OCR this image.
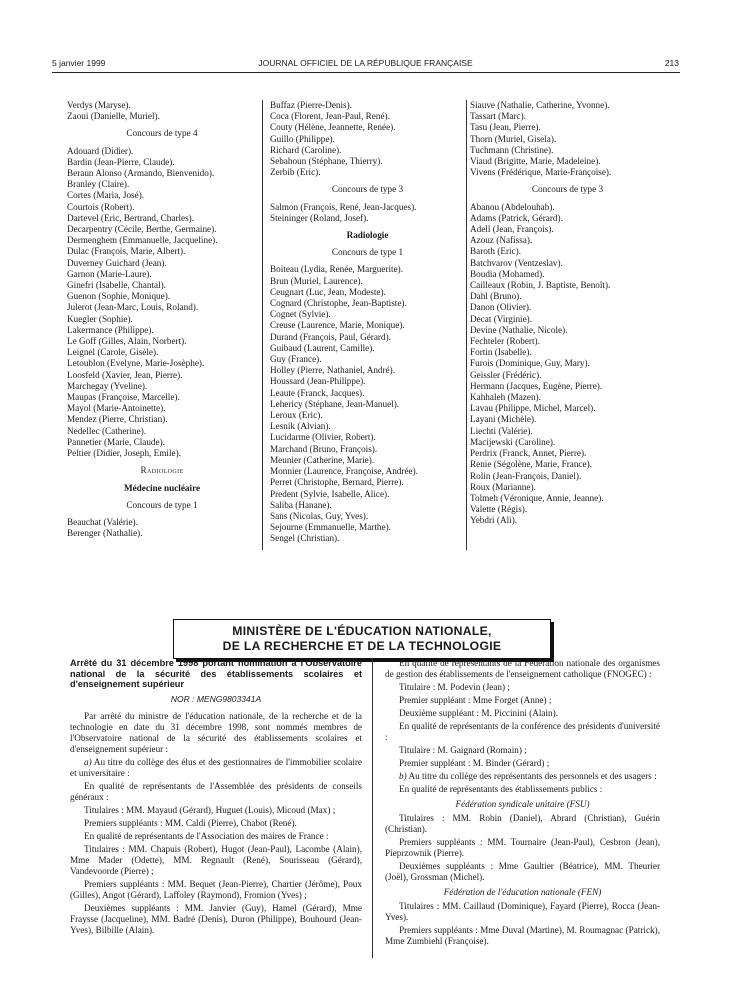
5 janvier 1999	JOURNAL OFFICIEL DE LA RÉPUBLIQUE FRANÇAISE	213
Verdys (Maryse).
Zaoui (Danielle, Muriel).
Concours de type 4
Adouard (Didier).
Bardin (Jean-Pierre, Claude).
Beraun Alonso (Armando, Bienvenido).
Branley (Claire).
Cortes (Maria, José).
Courtois (Robert).
Dartevel (Eric, Bertrand, Charles).
Decarpentry (Cécile, Berthe, Germaine).
Dermenghem (Emmanuelle, Jacqueline).
Dulac (François, Marie, Albert).
Duverney Guichard (Jean).
Garnon (Marie-Laure).
Ginefri (Isabelle, Chantal).
Guenon (Sophie, Monique).
Julerot (Jean-Marc, Louis, Roland).
Kuegler (Sophie).
Lakermance (Philippe).
Le Goff (Gilles, Alain, Norbert).
Leignel (Carole, Gisèle).
Letoublon (Evelyne, Marie-Josèphe).
Loosfeld (Xavier, Jean, Pierre).
Marchegay (Yveline).
Maupas (Françoise, Marcelle).
Mayol (Marie-Antoinette).
Mendez (Pierre, Christian).
Nedellec (Catherine).
Pannetier (Marie, Claude).
Peltier (Didier, Joseph, Emile).
Radiologie
Médecine nucléaire
Concours de type 1
Beauchat (Valérie).
Berenger (Nathalie).
Buffaz (Pierre-Denis).
Coca (Florent, Jean-Paul, René).
Couty (Hélène, Jeannette, Renée).
Guillo (Philippe).
Richard (Caroline).
Sebahoun (Stéphane, Thierry).
Zerbib (Eric).
Concours de type 3
Salmon (François, René, Jean-Jacques).
Steininger (Roland, Josef).
Radiologie
Concours de type 1
Boiteau (Lydia, Renée, Marguerite).
Brun (Muriel, Laurence).
Ceugnart (Luc, Jean, Modeste).
Cognard (Christophe, Jean-Baptiste).
Cognet (Sylvie).
Creuse (Laurence, Marie, Monique).
Durand (François, Paul, Gérard).
Guibaud (Laurent, Camille).
Guy (France).
Holley (Pierre, Nathaniel, André).
Houssard (Jean-Philippe).
Leaute (Franck, Jacques).
Lehericy (Stéphane, Jean-Manuel).
Leroux (Eric).
Lesnik (Alvian).
Lucidarme (Olivier, Robert).
Marchand (Bruno, François).
Meunier (Catherine, Marie).
Monnier (Laurence, Françoise, Andrée).
Perret (Christophe, Bernard, Pierre).
Predent (Sylvie, Isabelle, Alice).
Saliba (Hanane).
Sans (Nicolas, Guy, Yves).
Sejourne (Emmanuelle, Marthe).
Sengel (Christian).
Siauve (Nathalie, Catherine, Yvonne).
Tassart (Marc).
Tasu (Jean, Pierre).
Thorn (Muriel, Gisela).
Tuchmann (Christine).
Viaud (Brigitte, Marie, Madeleine).
Vivens (Frédérique, Marie-Françoise).
Concours de type 3
Abanou (Abdelouhab).
Adams (Patrick, Gérard).
Adell (Jean, François).
Azouz (Nafissa).
Baroth (Eric).
Batchvarov (Ventzeslav).
Boudia (Mohamed).
Cailleaux (Robin, J. Baptiste, Benoît).
Dahl (Bruno).
Danon (Olivier).
Decat (Virginie).
Devine (Nathalie, Nicole).
Fechteler (Robert).
Fortin (Isabelle).
Furois (Dominique, Guy, Mary).
Geissler (Frédéric).
Hermann (Jacques, Eugène, Pierre).
Kahhaleh (Mazen).
Lavau (Philippe, Michel, Marcel).
Layani (Michèle).
Liechti (Valérie).
Macijewski (Caroline).
Perdrix (Franck, Annet, Pierre).
Renie (Ségolène, Marie, France).
Rolin (Jean-François, Daniel).
Roux (Marianne).
Tolmeh (Véronique, Annie, Jeanne).
Valette (Régis).
Yebdri (Ali).
MINISTÈRE DE L'ÉDUCATION NATIONALE,
DE LA RECHERCHE ET DE LA TECHNOLOGIE

Arrêté du 31 décembre 1998 portant nomination à l'Observatoire national de la sécurité des établissements scolaires et d'enseignement supérieur

NOR : MENG9803341A

Par arrêté du ministre de l'éducation nationale, de la recherche et de la technologie en date du 31 décembre 1998, sont nommés membres de l'Observatoire national de la sécurité des établissements scolaires et d'enseignement supérieur :

a) Au titre du collège des élus et des gestionnaires de l'immobilier scolaire et universitaire :

En qualité de représentants de l'Assemblée des présidents de conseils généraux :

Titulaires : MM. Mayaud (Gérard), Huguet (Louis), Micoud (Max) ;

Premiers suppléants : MM. Caldi (Pierre), Chabot (René).

En qualité de représentants de l'Association des maires de France :

Titulaires : MM. Chapuis (Robert), Hugot (Jean-Paul), Lacombe (Alain), Mme Mader (Odette), MM. Regnault (René), Sourisseau (Gérard), Vandevoorde (Pierre) ;

Premiers suppléants : MM. Bequet (Jean-Pierre), Chartier (Jérôme), Poux (Gilles), Angot (Gérard), Laffoley (Raymond), Fromion (Yves) ;

Deuxièmes suppléants : MM. Janvier (Guy), Hamel (Gérard), Mme Fraysse (Jacqueline), MM. Badré (Denis), Duron (Philippe), Bouhourd (Jean-Yves), Bilbille (Alain).

En qualité de représentants de la Fédération nationale des organismes de gestion des établissements de l'enseignement catholique (FNOGEC) :

Titulaire : M. Podevin (Jean) ;

Premier suppléant : Mme Forget (Anne) ;

Deuxième suppléant : M. Piccinini (Alain).

En qualité de représentants de la conférence des présidents d'université :

Titulaire : M. Gaignard (Romain) ;

Premier suppléant : M. Binder (Gérard) ;

b) Au titre du collège des représentants des personnels et des usagers :

En qualité de représentants des établissements publics :

Fédération syndicale unitaire (FSU)

Titulaires : MM. Robin (Daniel), Abrard (Christian), Guérin (Christian).

Premiers suppléants : MM. Tournaire (Jean-Paul), Cesbron (Jean), Pieprzownik (Pierre).

Deuxièmes suppléants : Mme Gaultier (Béatrice), MM. Theurier (Joël), Grossman (Michel).

Fédération de l'éducation nationale (FEN)

Titulaires : MM. Caillaud (Dominique), Fayard (Pierre), Rocca (Jean-Yves).

Premiers suppléants : Mme Duval (Martine), M. Roumagnac (Patrick), Mme Zumbiehl (Françoise).
